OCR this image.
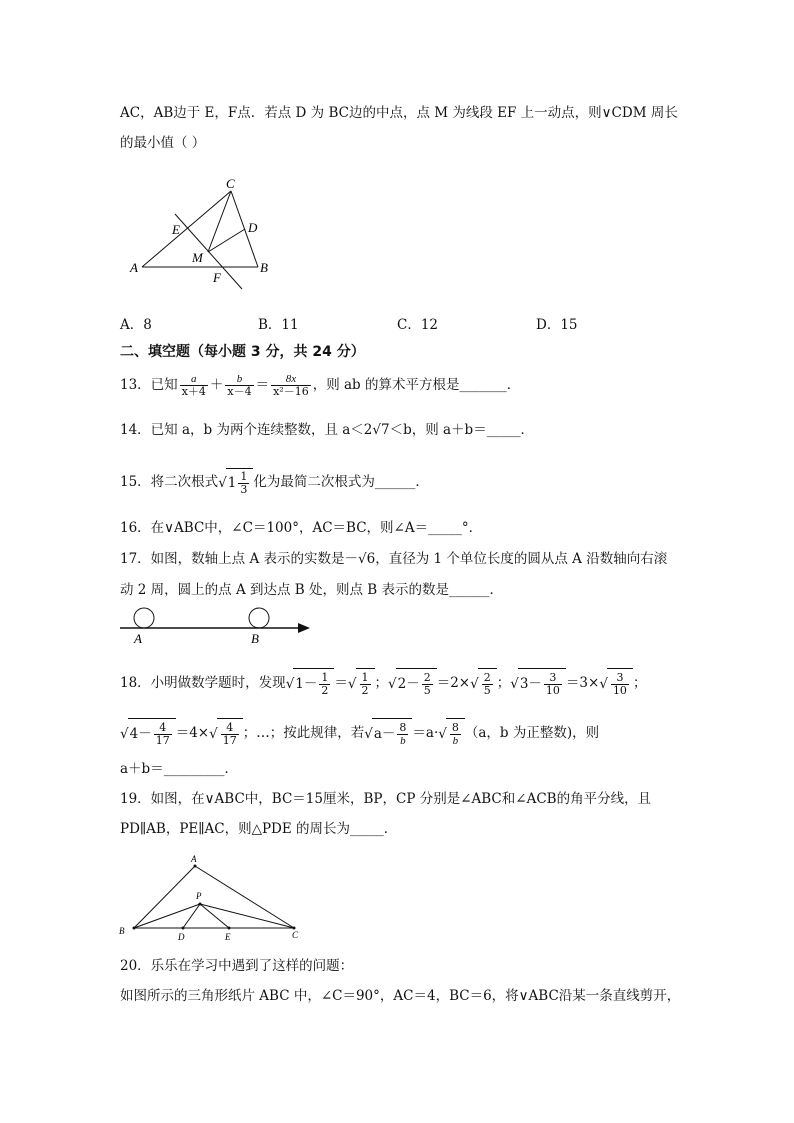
AC，AB边于 E，F点．若点 D 为 BC边的中点，点 M 为线段 EF 上一动点，则∨CDM 周长
的最小值（ ）
C
E	D
M
A	B
F
A．8	B．11	C．12	D．15
二、填空题（每小题 3 分，共 24 分）
13．已知 $\frac{a}{x+4} + \frac{b}{x-4} = \frac{8x}{\text{x²－16}}$ ，则 ab 的算术平方根是_______．
14．已知 a，b 为两个连续整数，且 a＜2√7＜b，则 a＋b＝_____．
15．将二次根式$√1 \frac{1}{3}$ 化为最简二次根式为______．
16．在∨ABC中，∠C＝100°，AC＝BC，则∠A＝_____°．
17．如图，数轴上点 A 表示的实数是－√6，直径为 1 个单位长度的圆从点 A 沿数轴向右滚
动 2 周，圆上的点 A 到达点 B 处，则点 B 表示的数是______．
A	B
18．小明做数学题时，发现$√1- \frac{1}{2}$ ＝√ $\frac{1}{2}$ ；$√2- \frac{2}{5} =2\times√ \frac{2}{5}$ ；$√3- \frac{3}{10} =3\times√ \frac{3}{10}$ ；
$√4- \frac{4}{17} =4\times√ \frac{4}{17}$ ；…；按此规律，若$√a- \frac{8}{b} =a\cdot√ \frac{8}{b} (a$，b 为正整数)，则
a＋b＝_________．
19．如图，在∨ABC中，BC＝15厘米，BP，CP 分别是∠ABC和∠ACB的角平分线，且
PD∥AB，PE∥AC，则△PDE 的周长为_____．
A
P
B	C
D	E
20．乐乐在学习中遇到了这样的问题：
如图所示的三角形纸片 ABC 中，∠C＝90°，AC＝4，BC＝6，将∨ABC沿某一条直线剪开，
